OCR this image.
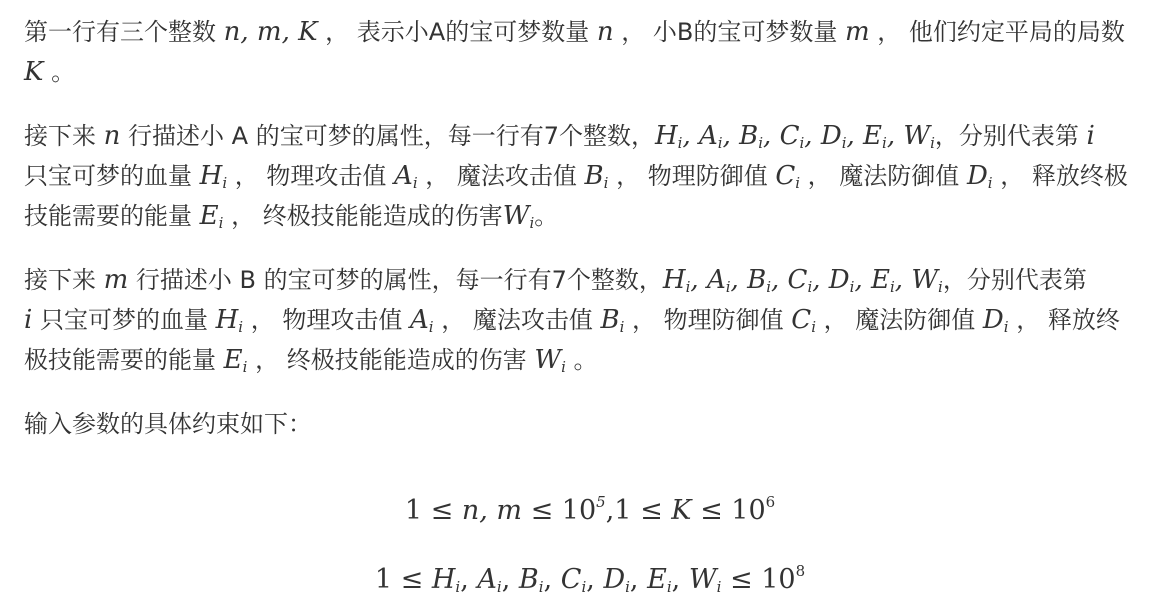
第一行有三个整数 n, m, K ， 表示小A的宝可梦数量 n ， 小B的宝可梦数量 m ， 他们约定平局的局数
K 。

接下来 n 行描述小 A 的宝可梦的属性，每一行有7个整数，$H_i$, $A_i$, $B_i$, $C_i$, $D_i$, $E_i$, $W_i$，分别代表第 i
只宝可梦的血量 $H_i$ ， 物理攻击值 $A_i$ ， 魔法攻击值 $B_i$ ， 物理防御值 $C_i$ ， 魔法防御值 $D_i$ ， 释放终极
技能需要的能量 $E_i$ ， 终极技能能造成的伤害$W_i$。

接下来 m 行描述小 B 的宝可梦的属性，每一行有7个整数，$H_i$, $A_i$, $B_i$, $C_i$, $D_i$, $E_i$, $W_i$，分别代表第
i 只宝可梦的血量 $H_i$ ， 物理攻击值 $A_i$ ， 魔法攻击值 $B_i$ ， 物理防御值 $C_i$ ， 魔法防御值 $D_i$ ， 释放终
极技能需要的能量 $E_i$ ， 终极技能能造成的伤害 $W_i$ 。

输入参数的具体约束如下：

1 ≤ n, $m \le 10^5,1 \le K \le 10^6$
$1 \le H_i$, $A_i$, $B_i$, $C_i$, $D_i$, $E_i$, $W_i \le 10^8$
